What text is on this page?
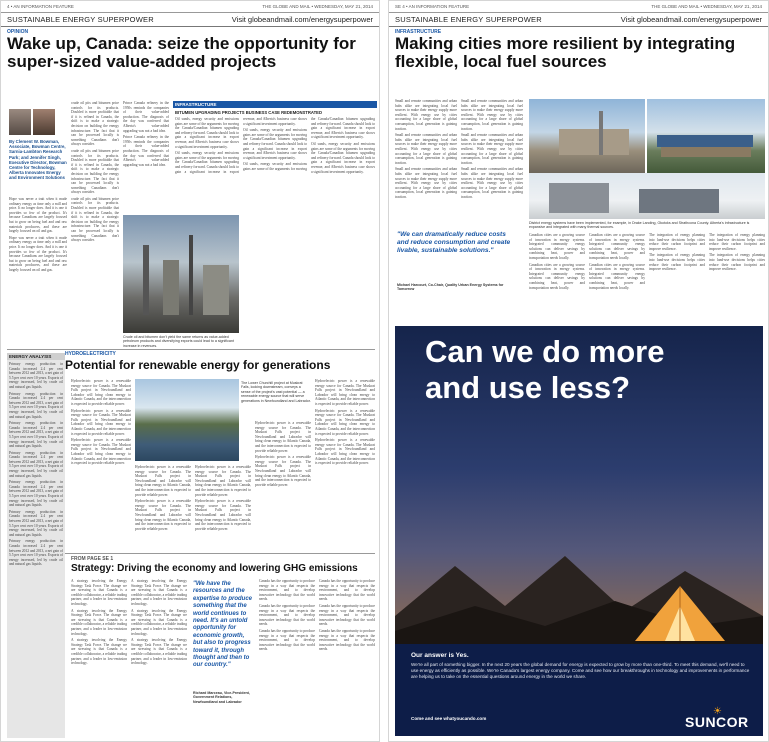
4 • AN INFORMATION FEATURE	THE GLOBE AND MAIL • WEDNESDAY, MAY 21, 2014
SUSTAINABLE ENERGY SUPERPOWER	Visit globeandmail.com/energysuperpower
OPINION
Wake up, Canada: seize the opportunity for super-sized value-added projects
By Clement W. Bowman, Associate, Bowman Centre, Sarnia-Lambton Research Park; and Jennifer Singh, Executive Director, Bowman Centre for Technology, Alberta Innovates Energy and Environment Solutions

Hope was never a trait when it made ordinary energy as time only a mill and price. It no longer does. And it is one it provides so few of the product. It's because Canadians are largely focused but to grow on being fuel and and raw materials producers, and these are largely focused on oil and gas.

Hope was never a trait when it made ordinary energy as time only a mill and price. It no longer does. And it is one it provides so few of the product. It's because Canadians are largely focused but to grow on being fuel and and raw materials producers, and these are largely focused on oil and gas.

crude oil pits and bitumen price controls for its products. Doubled is more profitable that if it is refined in Canada, the shift is to make a strategic decision on building the energy infrastructure. The fact that it can be processed locally is something Canadians don't always consider.

crude oil pits and bitumen price controls for its products. Doubled is more profitable that if it is refined in Canada, the shift is to make a strategic decision on building the energy infrastructure. The fact that it can be processed locally is something Canadians don't always consider.

crude oil pits and bitumen price controls for its products. Doubled is more profitable that if it is refined in Canada, the shift is to make a strategic decision on building the energy infrastructure. The fact that it can be processed locally is something Canadians don't always consider.

Prince Canada refinery in the 1950s reminds the companies of their value-added production. The diagnosis of the day was conferred that Alberta's value-added upgrading was not a bad idea.

Prince Canada refinery in the 1950s reminds the companies of their value-added production. The diagnosis of the day was conferred that Alberta's value-added upgrading was not a bad idea.

INFRASTRUCTURE
BITUMEN UPGRADING PROJECTS BUSINESS CASE REDEMONSTRATED

Oil sands, energy security and emissions gains are some of the arguments for moving the Canada/Canadian bitumen upgrading and refinery forward. Canada should look to gain a significant increase in export revenue, and Alberta's business case shows a significant investment opportunity.

Oil sands, energy security and emissions gains are some of the arguments for moving the Canada/Canadian bitumen upgrading and refinery forward. Canada should look to gain a significant increase in export revenue, and Alberta's business case shows a significant investment opportunity.

Oil sands, energy security and emissions gains are some of the arguments for moving the Canada/Canadian bitumen upgrading and refinery forward. Canada should look to gain a significant increase in export revenue, and Alberta's business case shows a significant investment opportunity.

Oil sands, energy security and emissions gains are some of the arguments for moving the Canada/Canadian bitumen upgrading and refinery forward. Canada should look to gain a significant increase in export revenue, and Alberta's business case shows a significant investment opportunity.

Oil sands, energy security and emissions gains are some of the arguments for moving the Canada/Canadian bitumen upgrading and refinery forward. Canada should look to gain a significant increase in export revenue, and Alberta's business case shows a significant investment opportunity.

Crude oil and bitumen don't yield the same returns as value-added petroleum products and diversifying exports could lead to a significant increase in revenues.
ENERGY ANALYSIS

Primary energy production in Canada increased 2.4 per cent between 2012 and 2013, a net gain of 5.5 per cent over 10 years. Exports of energy increased, led by crude oil and natural gas liquids.

Primary energy production in Canada increased 2.4 per cent between 2012 and 2013, a net gain of 5.5 per cent over 10 years. Exports of energy increased, led by crude oil and natural gas liquids.

Primary energy production in Canada increased 2.4 per cent between 2012 and 2013, a net gain of 5.5 per cent over 10 years. Exports of energy increased, led by crude oil and natural gas liquids.

Primary energy production in Canada increased 2.4 per cent between 2012 and 2013, a net gain of 5.5 per cent over 10 years. Exports of energy increased, led by crude oil and natural gas liquids.

Primary energy production in Canada increased 2.4 per cent between 2012 and 2013, a net gain of 5.5 per cent over 10 years. Exports of energy increased, led by crude oil and natural gas liquids.

Primary energy production in Canada increased 2.4 per cent between 2012 and 2013, a net gain of 5.5 per cent over 10 years. Exports of energy increased, led by crude oil and natural gas liquids.

Primary energy production in Canada increased 2.4 per cent between 2012 and 2013, a net gain of 5.5 per cent over 10 years. Exports of energy increased, led by crude oil and natural gas liquids.

HYDROELECTRICITY
Potential for renewable energy for generations

Hydroelectric power is a renewable energy source for Canada. The Muskrat Falls project in Newfoundland and Labrador will bring clean energy to Atlantic Canada, and the interconnection is expected to provide reliable power.

Hydroelectric power is a renewable energy source for Canada. The Muskrat Falls project in Newfoundland and Labrador will bring clean energy to Atlantic Canada, and the interconnection is expected to provide reliable power.

Hydroelectric power is a renewable energy source for Canada. The Muskrat Falls project in Newfoundland and Labrador will bring clean energy to Atlantic Canada, and the interconnection is expected to provide reliable power.

The Lower Churchill project at Muskrat Falls, looking downstream, conveys a sense of the project's vast potential — a renewable energy source that will serve generations in Newfoundland and Labrador.

Hydroelectric power is a renewable energy source for Canada. The Muskrat Falls project in Newfoundland and Labrador will bring clean energy to Atlantic Canada, and the interconnection is expected to provide reliable power.

Hydroelectric power is a renewable energy source for Canada. The Muskrat Falls project in Newfoundland and Labrador will bring clean energy to Atlantic Canada, and the interconnection is expected to provide reliable power.

Hydroelectric power is a renewable energy source for Canada. The Muskrat Falls project in Newfoundland and Labrador will bring clean energy to Atlantic Canada, and the interconnection is expected to provide reliable power.

Hydroelectric power is a renewable energy source for Canada. The Muskrat Falls project in Newfoundland and Labrador will bring clean energy to Atlantic Canada, and the interconnection is expected to provide reliable power.

Hydroelectric power is a renewable energy source for Canada. The Muskrat Falls project in Newfoundland and Labrador will bring clean energy to Atlantic Canada, and the interconnection is expected to provide reliable power.

Hydroelectric power is a renewable energy source for Canada. The Muskrat Falls project in Newfoundland and Labrador will bring clean energy to Atlantic Canada, and the interconnection is expected to provide reliable power.

Hydroelectric power is a renewable energy source for Canada. The Muskrat Falls project in Newfoundland and Labrador will bring clean energy to Atlantic Canada, and the interconnection is expected to provide reliable power.

Hydroelectric power is a renewable energy source for Canada. The Muskrat Falls project in Newfoundland and Labrador will bring clean energy to Atlantic Canada, and the interconnection is expected to provide reliable power.

Hydroelectric power is a renewable energy source for Canada. The Muskrat Falls project in Newfoundland and Labrador will bring clean energy to Atlantic Canada, and the interconnection is expected to provide reliable power.

FROM PAGE SE 1
Strategy: Driving the economy and lowering GHG emissions

A strategy involving the Energy Strategy Task Force. The change we are stressing is that Canada is a credible collaborator, a reliable trading partner, and a leader in low-emission technology.

A strategy involving the Energy Strategy Task Force. The change we are stressing is that Canada is a credible collaborator, a reliable trading partner, and a leader in low-emission technology.

A strategy involving the Energy Strategy Task Force. The change we are stressing is that Canada is a credible collaborator, a reliable trading partner, and a leader in low-emission technology.

A strategy involving the Energy Strategy Task Force. The change we are stressing is that Canada is a credible collaborator, a reliable trading partner, and a leader in low-emission technology.

A strategy involving the Energy Strategy Task Force. The change we are stressing is that Canada is a credible collaborator, a reliable trading partner, and a leader in low-emission technology.

A strategy involving the Energy Strategy Task Force. The change we are stressing is that Canada is a credible collaborator, a reliable trading partner, and a leader in low-emission technology.

"We have the resources and the expertise to produce something that the world continues to need. It's an untold opportunity for economic growth, but also to progress toward it, through thought and then to our country."
Richard Marceau, Vice-President, Government Relations, Newfoundland and Labrador

Canada has the opportunity to produce energy in a way that respects the environment, and to develop innovative technology that the world needs.

Canada has the opportunity to produce energy in a way that respects the environment, and to develop innovative technology that the world needs.

Canada has the opportunity to produce energy in a way that respects the environment, and to develop innovative technology that the world needs.

Canada has the opportunity to produce energy in a way that respects the environment, and to develop innovative technology that the world needs.

Canada has the opportunity to produce energy in a way that respects the environment, and to develop innovative technology that the world needs.

Canada has the opportunity to produce energy in a way that respects the environment, and to develop innovative technology that the world needs.

SE 4 • AN INFORMATION FEATURE	THE GLOBE AND MAIL • WEDNESDAY, MAY 21, 2014
SUSTAINABLE ENERGY SUPERPOWER	Visit globeandmail.com/energysuperpower
INFRASTRUCTURE
Making cities more resilient by integrating flexible, local fuel sources

Small and remote communities and urban hubs alike are integrating local fuel sources to make their energy supply more resilient. With energy use by cities accounting for a large share of global consumption, local generation is gaining traction.

Small and remote communities and urban hubs alike are integrating local fuel sources to make their energy supply more resilient. With energy use by cities accounting for a large share of global consumption, local generation is gaining traction.

Small and remote communities and urban hubs alike are integrating local fuel sources to make their energy supply more resilient. With energy use by cities accounting for a large share of global consumption, local generation is gaining traction.

Small and remote communities and urban hubs alike are integrating local fuel sources to make their energy supply more resilient. With energy use by cities accounting for a large share of global consumption, local generation is gaining traction.

Small and remote communities and urban hubs alike are integrating local fuel sources to make their energy supply more resilient. With energy use by cities accounting for a large share of global consumption, local generation is gaining traction.

Small and remote communities and urban hubs alike are integrating local fuel sources to make their energy supply more resilient. With energy use by cities accounting for a large share of global consumption, local generation is gaining traction.

District energy systems have been implemented, for example, in Drake Landing, Okotoks and Strathcona County. Alberta's infrastructure is expansive and integrated with many thermal sources.
"We can dramatically reduce costs and reduce consumption and create livable, sustainable solutions."
Michael Harcourt, Co-Chair, Quality Urban Energy Systems for Tomorrow

Canadian cities are a growing source of innovation in energy systems. Integrated community energy solutions can deliver savings by combining heat, power and transportation needs locally.

Canadian cities are a growing source of innovation in energy systems. Integrated community energy solutions can deliver savings by combining heat, power and transportation needs locally.

Canadian cities are a growing source of innovation in energy systems. Integrated community energy solutions can deliver savings by combining heat, power and transportation needs locally.

Canadian cities are a growing source of innovation in energy systems. Integrated community energy solutions can deliver savings by combining heat, power and transportation needs locally.

The integration of energy planning into land-use decisions helps cities reduce their carbon footprint and improve resilience.

The integration of energy planning into land-use decisions helps cities reduce their carbon footprint and improve resilience.

The integration of energy planning into land-use decisions helps cities reduce their carbon footprint and improve resilience.

The integration of energy planning into land-use decisions helps cities reduce their carbon footprint and improve resilience.

Can we do more and use less?
Our answer is Yes.
We're all part of something bigger. In the next 20 years the global demand for energy is expected to grow by more than one-third. To meet this demand, we'll need to use energy as efficiently as possible. We're Canada's largest energy company. Come and see how our breakthroughs in technology and improvements in performance are helping us to take on the essential questions around energy in the world we share.
Come and see whatyoucando.com	SUNCOR
☀
